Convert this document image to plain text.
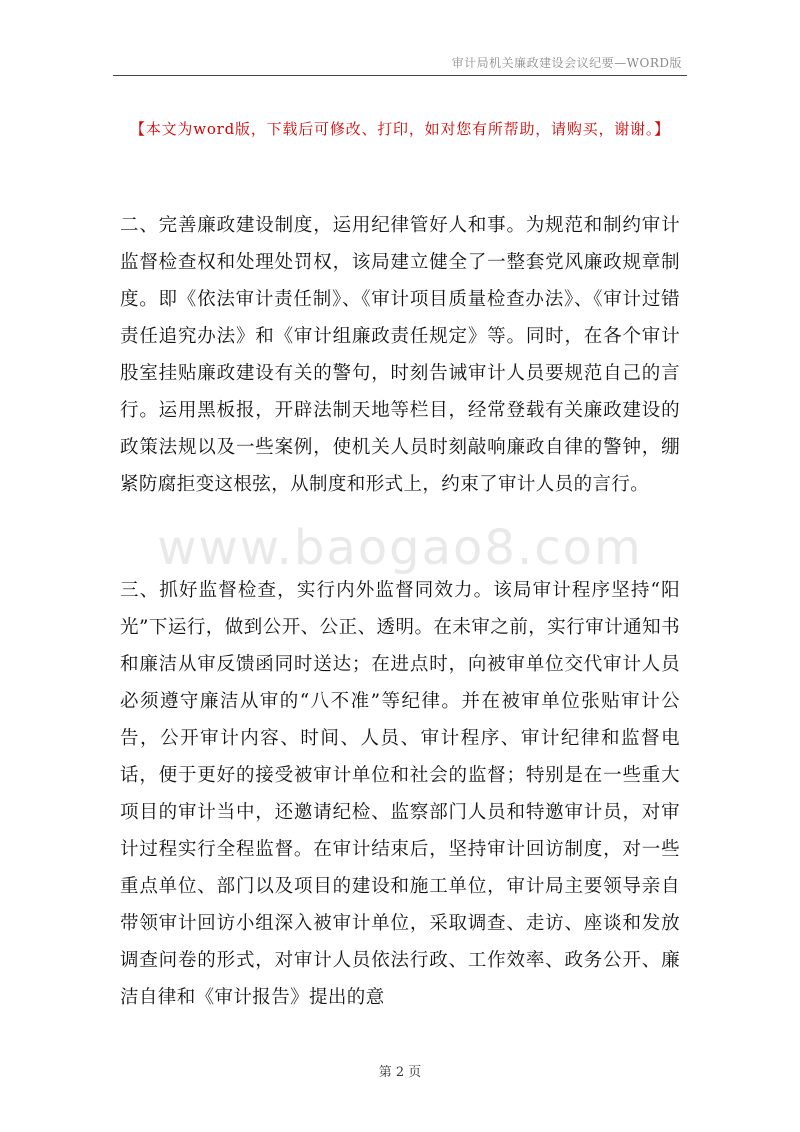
审计局机关廉政建设会议纪要—WORD版
【本文为word版，下载后可修改、打印，如对您有所帮助，请购买，谢谢。】
www.baogao8.com

二、完善廉政建设制度，运用纪律管好人和事。为规范和制约审计监督检查权和处理处罚权，该局建立健全了一整套党风廉政规章制度。即《依法审计责任制》、《审计项目质量检查办法》、《审计过错责任追究办法》和《审计组廉政责任规定》等。同时，在各个审计股室挂贴廉政建设有关的警句，时刻告诫审计人员要规范自己的言行。运用黑板报，开辟法制天地等栏目，经常登载有关廉政建设的政策法规以及一些案例，使机关人员时刻敲响廉政自律的警钟，绷紧防腐拒变这根弦，从制度和形式上，约束了审计人员的言行。

三、抓好监督检查，实行内外监督同效力。该局审计程序坚持“阳光”下运行，做到公开、公正、透明。在未审之前，实行审计通知书和廉洁从审反馈函同时送达；在进点时，向被审单位交代审计人员必须遵守廉洁从审的“八不准”等纪律。并在被审单位张贴审计公告，公开审计内容、时间、人员、审计程序、审计纪律和监督电话，便于更好的接受被审计单位和社会的监督；特别是在一些重大项目的审计当中，还邀请纪检、监察部门人员和特邀审计员，对审计过程实行全程监督。在审计结束后，坚持审计回访制度，对一些重点单位、部门以及项目的建设和施工单位，审计局主要领导亲自带领审计回访小组深入被审计单位，采取调查、走访、座谈和发放调查问卷的形式，对审计人员依法行政、工作效率、政务公开、廉洁自律和《审计报告》提出的意

第 2 页
